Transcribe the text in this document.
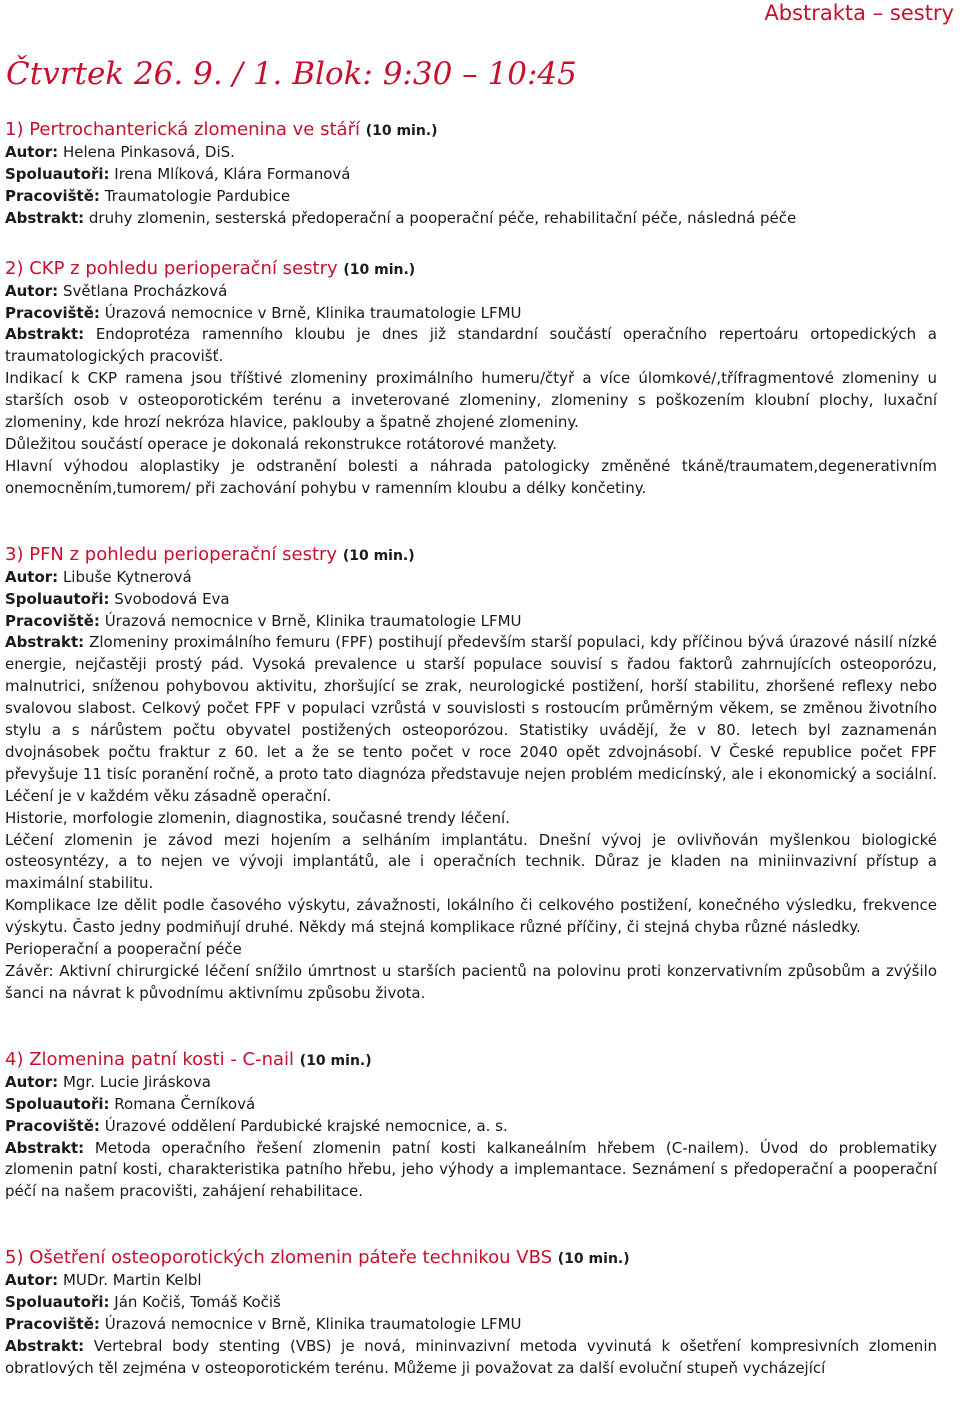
Abstrakta – sestry
Čtvrtek 26. 9. / 1. Blok: 9:30 – 10:45
1) Pertrochanterická zlomenina ve stáří (10 min.)

Autor: Helena Pinkasová, DiS.

Spoluautoři: Irena Mlíková, Klára Formanová

Pracoviště: Traumatologie Pardubice

Abstrakt: druhy zlomenin, sesterská předoperační a pooperační péče, rehabilitační péče, následná péče

2) CKP z pohledu perioperační sestry (10 min.)

Autor: Světlana Procházková

Pracoviště: Úrazová nemocnice v Brně, Klinika traumatologie LFMU

Abstrakt: Endoprotéza ramenního kloubu je dnes již standardní součástí operačního repertoáru ortopedických a traumatologických pracovišť.

Indikací k CKP ramena jsou tříštivé zlomeniny proximálního humeru/čtyř a více úlomkové/,třífragmentové zlomeniny u starších osob v osteoporotickém terénu a inveterované zlomeniny, zlomeniny s poškozením kloubní plochy, luxační zlomeniny, kde hrozí nekróza hlavice, paklouby a špatně zhojené zlomeniny.

Důležitou součástí operace je dokonalá rekonstrukce rotátorové manžety.

Hlavní výhodou aloplastiky je odstranění bolesti a náhrada patologicky změněné tkáně/traumatem,degenerativním onemocněním,tumorem/ při zachování pohybu v ramenním kloubu a délky končetiny.

3) PFN z pohledu perioperační sestry (10 min.)

Autor: Libuše Kytnerová

Spoluautoři: Svobodová Eva

Pracoviště: Úrazová nemocnice v Brně, Klinika traumatologie LFMU

Abstrakt: Zlomeniny proximálního femuru (FPF) postihují především starší populaci, kdy příčinou bývá úrazové násilí nízké energie, nejčastěji prostý pád. Vysoká prevalence u starší populace souvisí s řadou faktorů zahrnujících osteoporózu, malnutrici, sníženou pohybovou aktivitu, zhoršující se zrak, neurologické postižení, horší stabilitu, zhoršené reflexy nebo svalovou slabost. Celkový počet FPF v populaci vzrůstá v souvislosti s rostoucím průměrným věkem, se změnou životního stylu a s nárůstem počtu obyvatel postižených osteoporózou. Statistiky uvádějí, že v 80. letech byl zaznamenán dvojnásobek počtu fraktur z 60. let a že se tento počet v roce 2040 opět zdvojnásobí. V České republice počet FPF převyšuje 11 tisíc poranění ročně, a proto tato diagnóza představuje nejen problém medicínský, ale i ekonomický a sociální. Léčení je v každém věku zásadně operační.

Historie, morfologie zlomenin, diagnostika, současné trendy léčení.

Léčení zlomenin je závod mezi hojením a selháním implantátu. Dnešní vývoj je ovlivňován myšlenkou biologické osteosyntézy, a to nejen ve vývoji implantátů, ale i operačních technik. Důraz je kladen na miniinvazivní přístup a maximální stabilitu.

Komplikace lze dělit podle časového výskytu, závažnosti, lokálního či celkového postižení, konečného výsledku, frekvence výskytu. Často jedny podmiňují druhé. Někdy má stejná komplikace různé příčiny, či stejná chyba různé následky.

Perioperační a pooperační péče

Závěr: Aktivní chirurgické léčení snížilo úmrtnost u starších pacientů na polovinu proti konzervativním způsobům a zvýšilo šanci na návrat k původnímu aktivnímu způsobu života.

4) Zlomenina patní kosti - C-nail (10 min.)

Autor: Mgr. Lucie Jiráskova

Spoluautoři: Romana Černíková

Pracoviště: Úrazové oddělení Pardubické krajské nemocnice, a. s.

Abstrakt: Metoda operačního řešení zlomenin patní kosti kalkaneálním hřebem (C-nailem). Úvod do problematiky zlomenin patní kosti, charakteristika patního hřebu, jeho výhody a implemantace. Seznámení s předoperační a pooperační péčí na našem pracovišti, zahájení rehabilitace.

5) Ošetření osteoporotických zlomenin páteře technikou VBS (10 min.)

Autor: MUDr. Martin Kelbl

Spoluautoři: Ján Kočiš, Tomáš Kočiš

Pracoviště: Úrazová nemocnice v Brně, Klinika traumatologie LFMU

Abstrakt: Vertebral body stenting (VBS) je nová, mininvazivní metoda vyvinutá k ošetření kompresivních zlomenin obratlových těl zejména v osteoporotickém terénu. Můžeme ji považovat za další evoluční stupeň vycházející
